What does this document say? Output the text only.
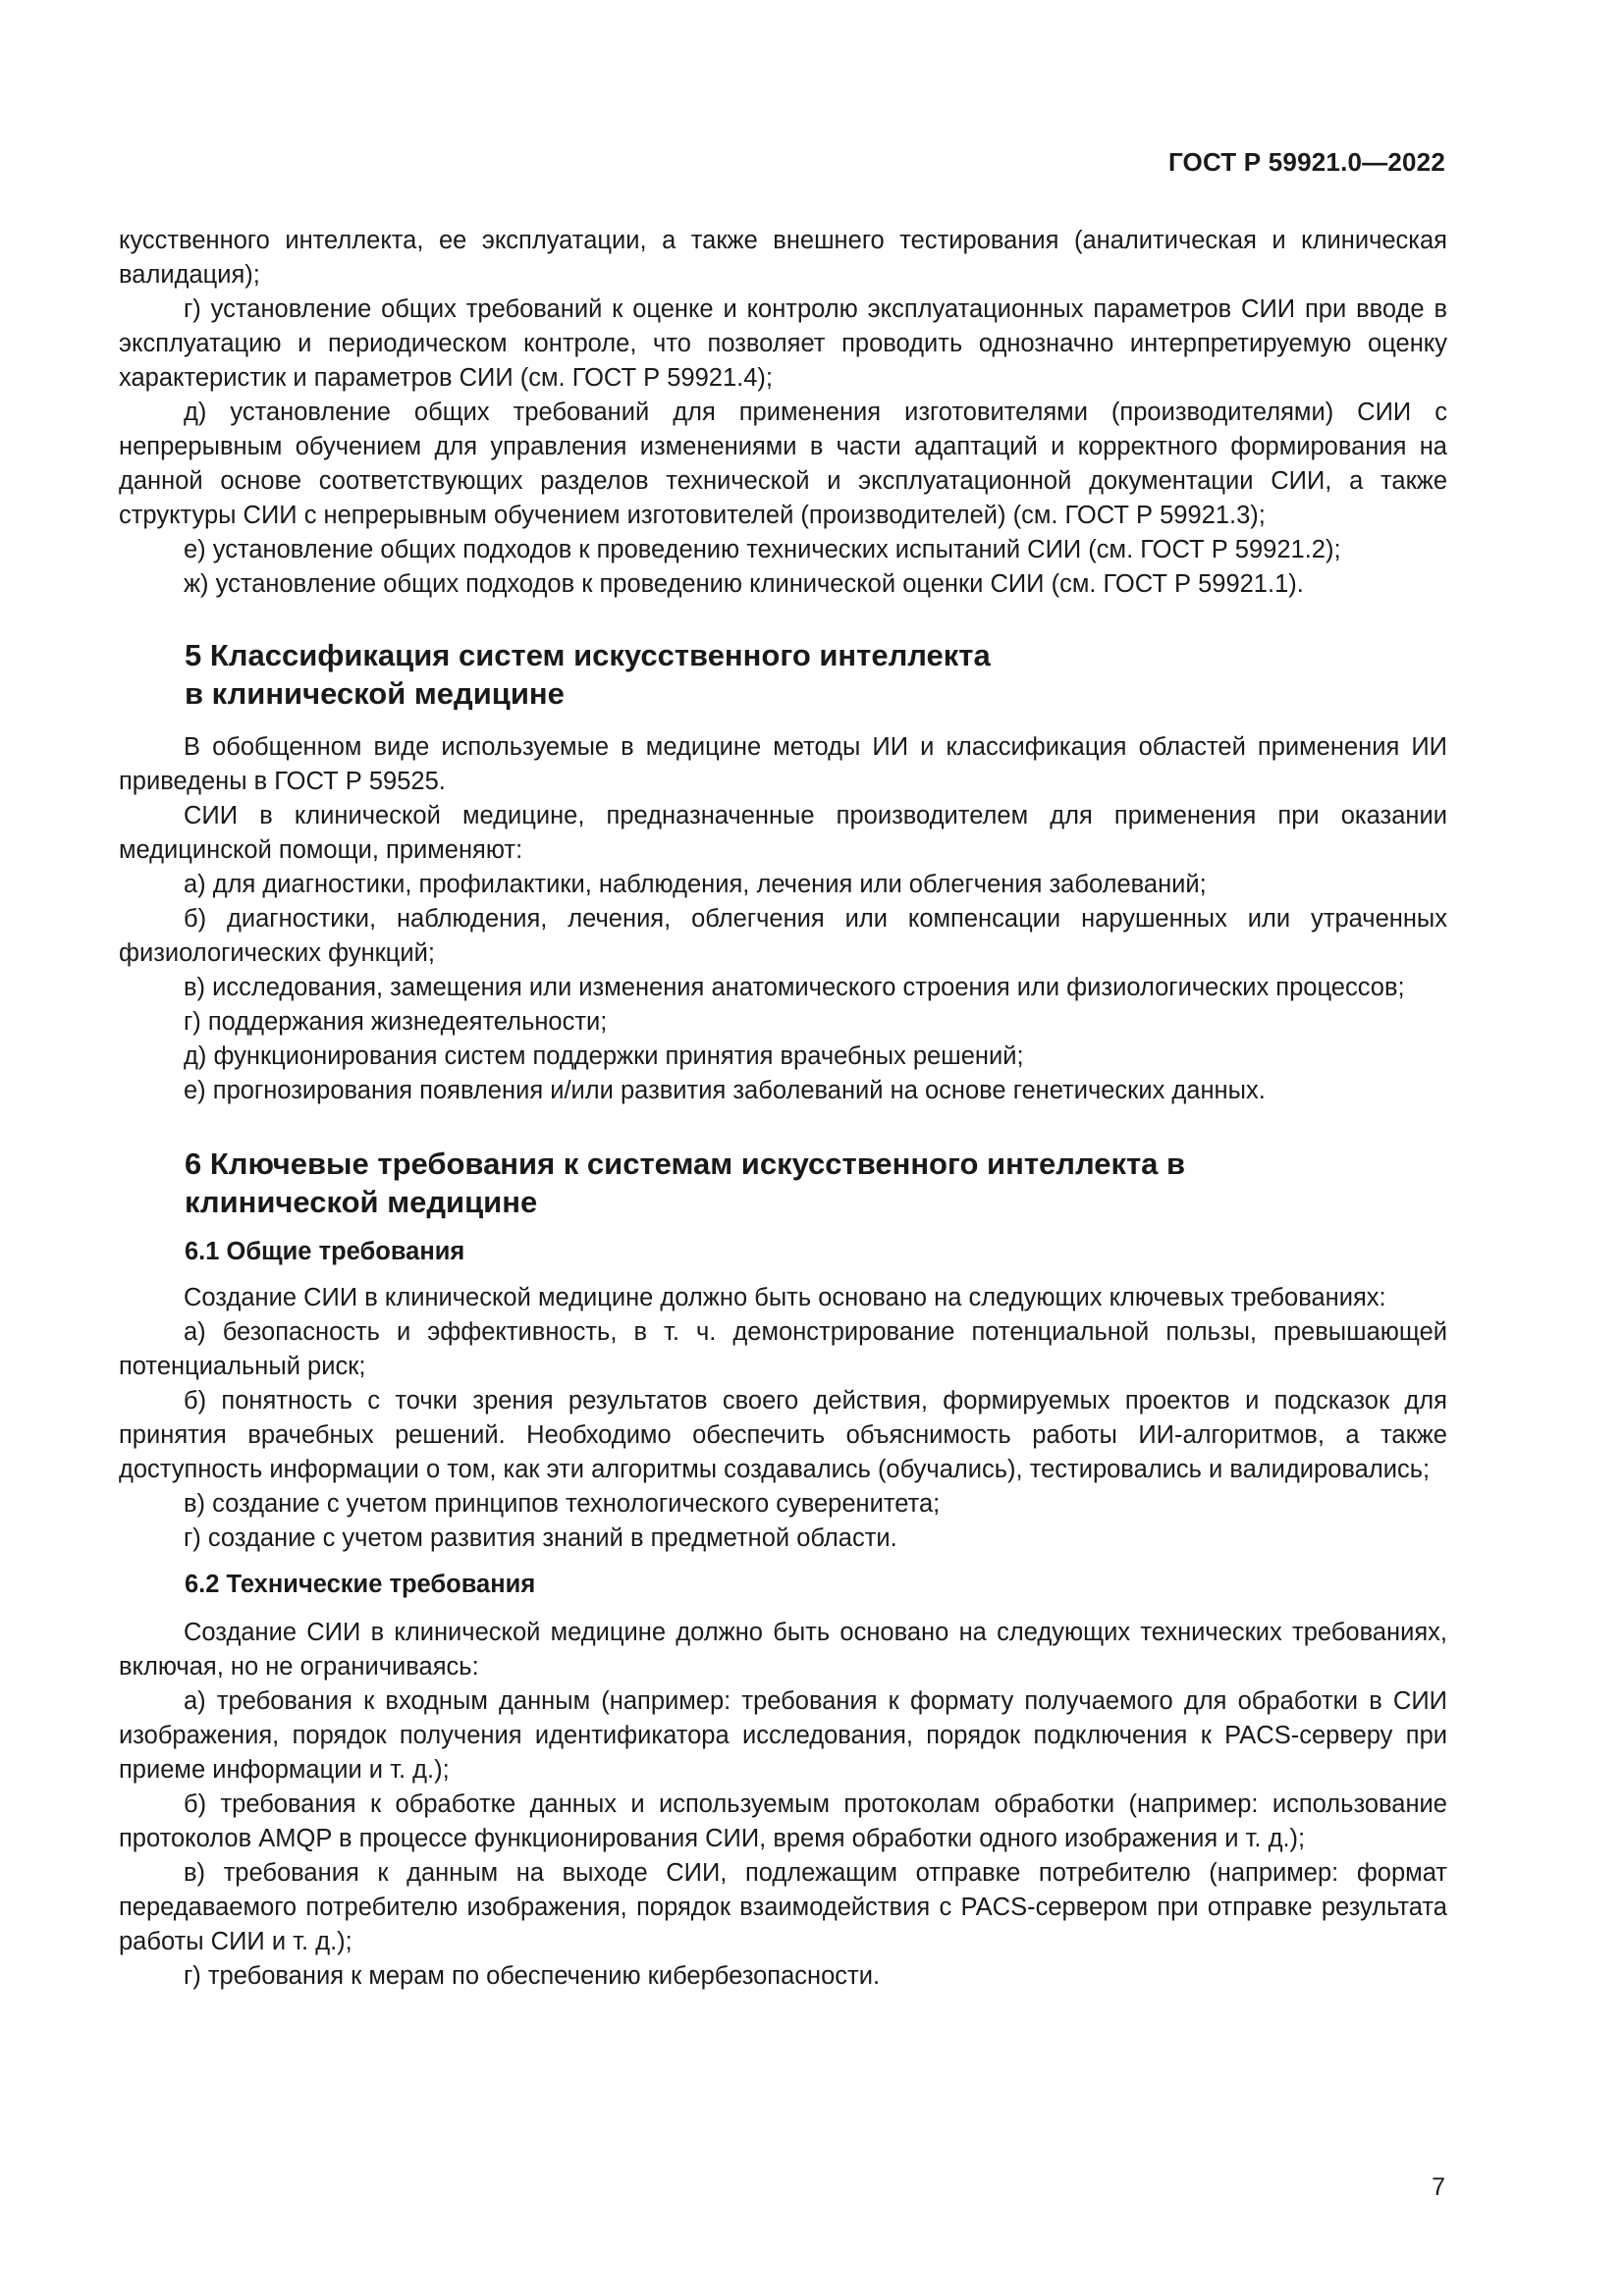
ГОСТ Р 59921.0—2022

кусственного интеллекта, ее эксплуатации, а также внешнего тестирования (аналитическая и клиническая валидация);

г) установление общих требований к оценке и контролю эксплуатационных параметров СИИ при вводе в эксплуатацию и периодическом контроле, что позволяет проводить однозначно интерпретируемую оценку характеристик и параметров СИИ (см. ГОСТ Р 59921.4);

д) установление общих требований для применения изготовителями (производителями) СИИ с непрерывным обучением для управления изменениями в части адаптаций и корректного формирования на данной основе соответствующих разделов технической и эксплуатационной документации СИИ, а также структуры СИИ с непрерывным обучением изготовителей (производителей) (см. ГОСТ Р 59921.3);

е) установление общих подходов к проведению технических испытаний СИИ (см. ГОСТ Р 59921.2);

ж) установление общих подходов к проведению клинической оценки СИИ (см. ГОСТ Р 59921.1).

5 Классификация систем искусственного интеллекта
в клинической медицине

В обобщенном виде используемые в медицине методы ИИ и классификация областей применения ИИ приведены в ГОСТ Р 59525.

СИИ в клинической медицине, предназначенные производителем для применения при оказании медицинской помощи, применяют:

а) для диагностики, профилактики, наблюдения, лечения или облегчения заболеваний;

б) диагностики, наблюдения, лечения, облегчения или компенсации нарушенных или утраченных физиологических функций;

в) исследования, замещения или изменения анатомического строения или физиологических процессов;

г) поддержания жизнедеятельности;

д) функционирования систем поддержки принятия врачебных решений;

е) прогнозирования появления и/или развития заболеваний на основе генетических данных.

6 Ключевые требования к системам искусственного интеллекта в
клинической медицине
6.1 Общие требования

Создание СИИ в клинической медицине должно быть основано на следующих ключевых требованиях:

а) безопасность и эффективность, в т. ч. демонстрирование потенциальной пользы, превышающей потенциальный риск;

б) понятность с точки зрения результатов своего действия, формируемых проектов и подсказок для принятия врачебных решений. Необходимо обеспечить объяснимость работы ИИ-алгоритмов, а также доступность информации о том, как эти алгоритмы создавались (обучались), тестировались и валидировались;

в) создание с учетом принципов технологического суверенитета;

г) создание с учетом развития знаний в предметной области.

6.2 Технические требования

Создание СИИ в клинической медицине должно быть основано на следующих технических требованиях, включая, но не ограничиваясь:

а) требования к входным данным (например: требования к формату получаемого для обработки в СИИ изображения, порядок получения идентификатора исследования, порядок подключения к PACS-серверу при приеме информации и т. д.);

б) требования к обработке данных и используемым протоколам обработки (например: использование протоколов AMQP в процессе функционирования СИИ, время обработки одного изображения и т. д.);

в) требования к данным на выходе СИИ, подлежащим отправке потребителю (например: формат передаваемого потребителю изображения, порядок взаимодействия с PACS-сервером при отправке результата работы СИИ и т. д.);

г) требования к мерам по обеспечению кибербезопасности.

7
